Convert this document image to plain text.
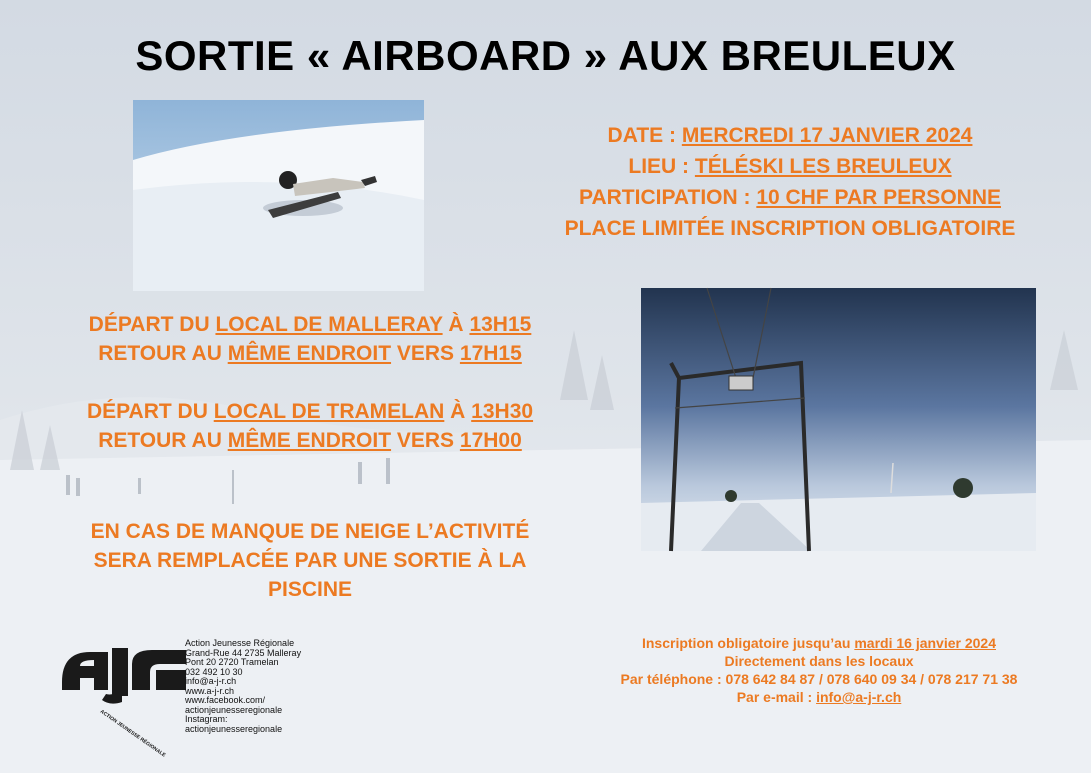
SORTIE « AIRBOARD » AUX BREULEUX
DATE : MERCREDI 17 JANVIER 2024
LIEU : TÉLÉSKI LES BREULEUX
PARTICIPATION : 10 CHF PAR PERSONNE
PLACE LIMITÉE INSCRIPTION OBLIGATOIRE
DÉPART DU LOCAL DE MALLERAY À 13H15
RETOUR AU MÊME ENDROIT VERS 17H15
DÉPART DU LOCAL DE TRAMELAN À 13H30
RETOUR AU MÊME ENDROIT VERS 17H00
EN CAS DE MANQUE DE NEIGE L’ACTIVITÉ
SERA REMPLACÉE PAR UNE SORTIE À LA
PISCINE
ACTION JEUNESSE RÉGIONALE
Action Jeunesse Régionale
Grand-Rue 44 2735 Malleray
Pont 20 2720 Tramelan
032 492 10 30
info@a-j-r.ch
www.a-j-r.ch
www.facebook.com/
actionjeunesseregionale
Instagram:
actionjeunesseregionale
Inscription obligatoire jusqu’au mardi 16 janvier 2024
Directement dans les locaux
Par téléphone : 078 642 84 87 / 078 640 09 34 / 078 217 71 38
Par e-mail : info@a-j-r.ch
